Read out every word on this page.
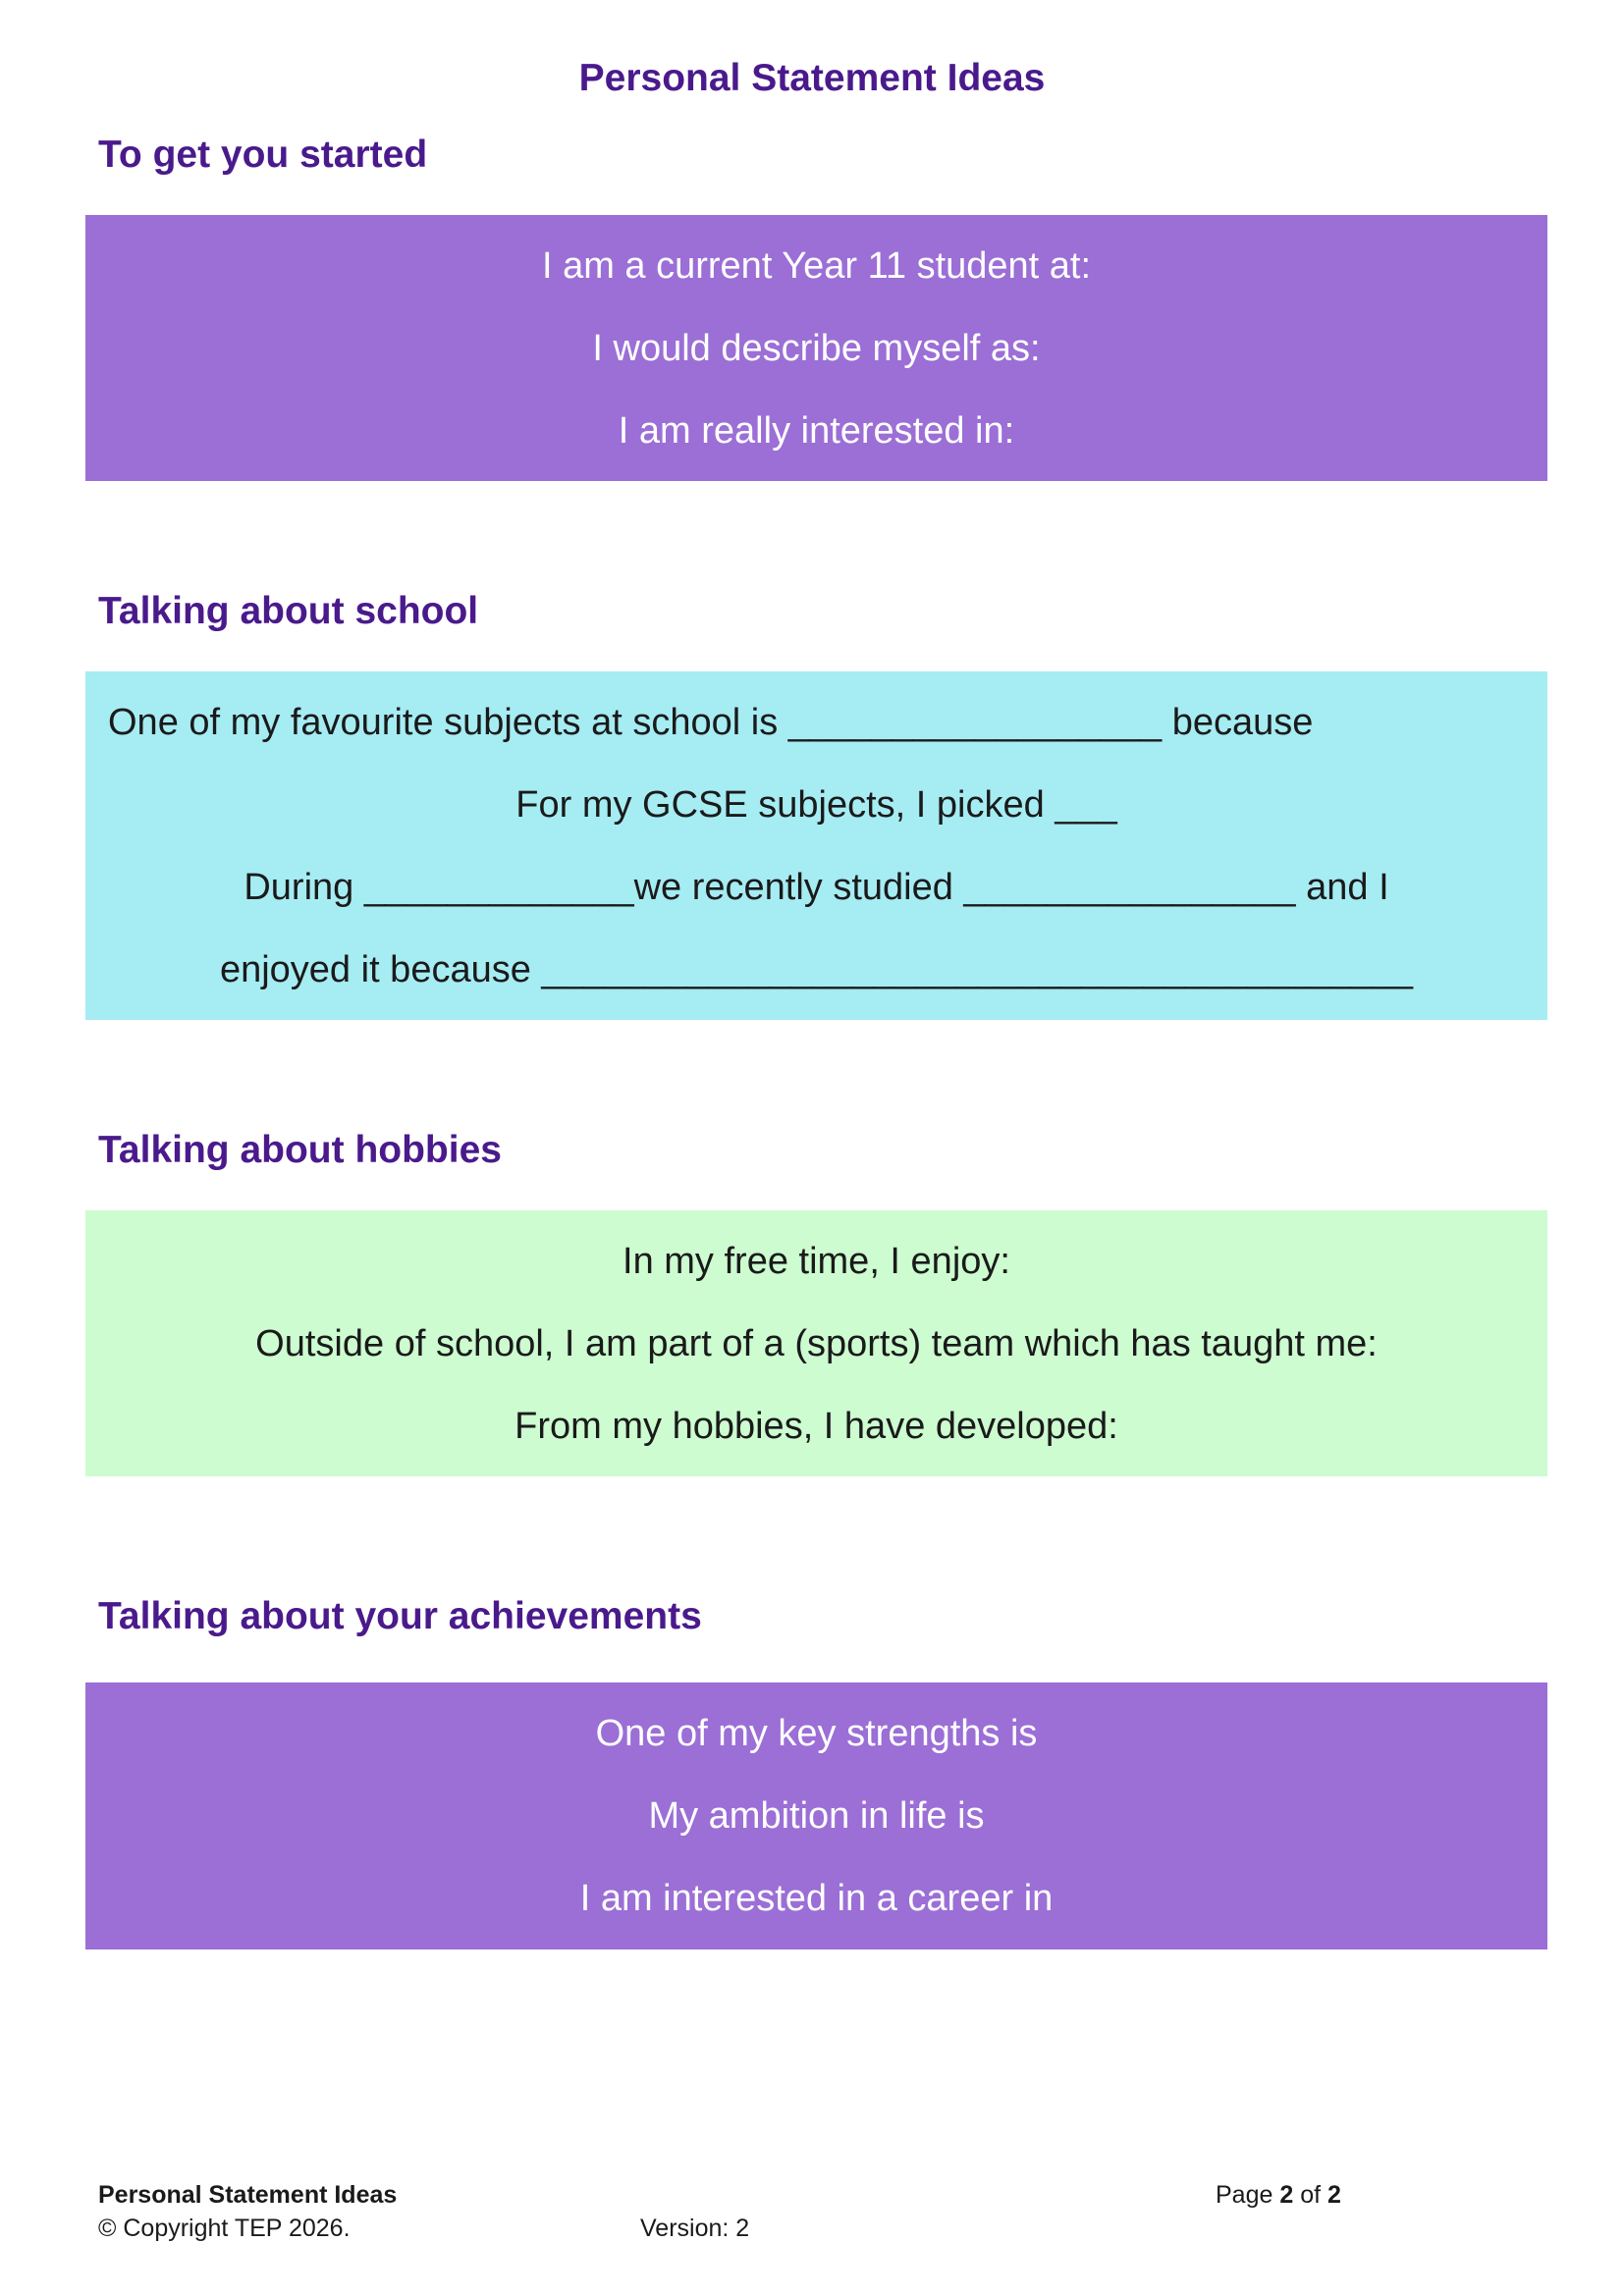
Personal Statement Ideas
To get you started

I am a current Year 11 student at:

I would describe myself as:

I am really interested in:

Talking about school

One of my favourite subjects at school is __________________ because

For my GCSE subjects, I picked ___

During _____________we recently studied ________________ and I

enjoyed it because __________________________________________

Talking about hobbies

In my free time, I enjoy:

Outside of school, I am part of a (sports) team which has taught me:

From my hobbies, I have developed:

Talking about your achievements

One of my key strengths is

My ambition in life is

I am interested in a career in

Personal Statement Ideas
© Copyright TEP 2026.	Version: 2
Page 2 of 2
